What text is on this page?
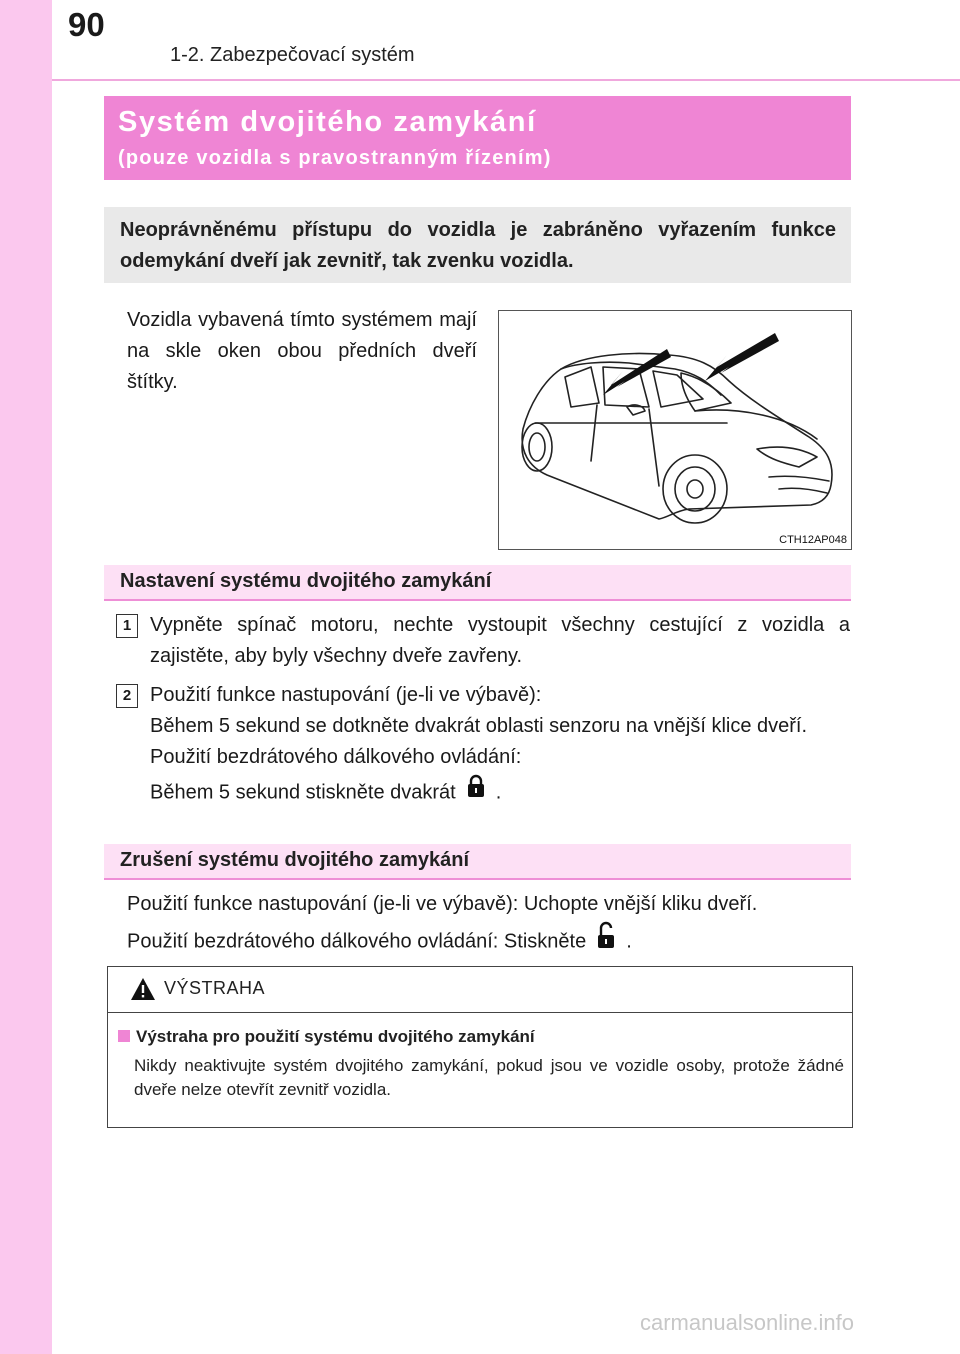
90
1-2. Zabezpečovací systém
Systém dvojitého zamykání
(pouze vozidla s pravostranným řízením)
Neoprávněnému přístupu do vozidla je zabráněno vyřazením funkce odemykání dveří jak zevnitř, tak zvenku vozidla.
Vozidla vybavená tímto systémem mají na skle oken obou předních dveří štítky.
CTH12AP048
Nastavení systému dvojitého zamykání
1 Vypněte spínač motoru, nechte vystoupit všechny cestující z vozidla a zajistěte, aby byly všechny dveře zavřeny.
2 Použití funkce nastupování (je-li ve výbavě):
Během 5 sekund se dotkněte dvakrát oblasti senzoru na vnější klice dveří.
Použití bezdrátového dálkového ovládání:
Během 5 sekund stiskněte dvakrát .
Zrušení systému dvojitého zamykání
Použití funkce nastupování (je-li ve výbavě): Uchopte vnější kliku dveří.
Použití bezdrátového dálkového ovládání: Stiskněte .
VÝSTRAHA
Výstraha pro použití systému dvojitého zamykání
Nikdy neaktivujte systém dvojitého zamykání, pokud jsou ve vozidle osoby, protože žádné dveře nelze otevřít zevnitř vozidla.
carmanualsonline.info
